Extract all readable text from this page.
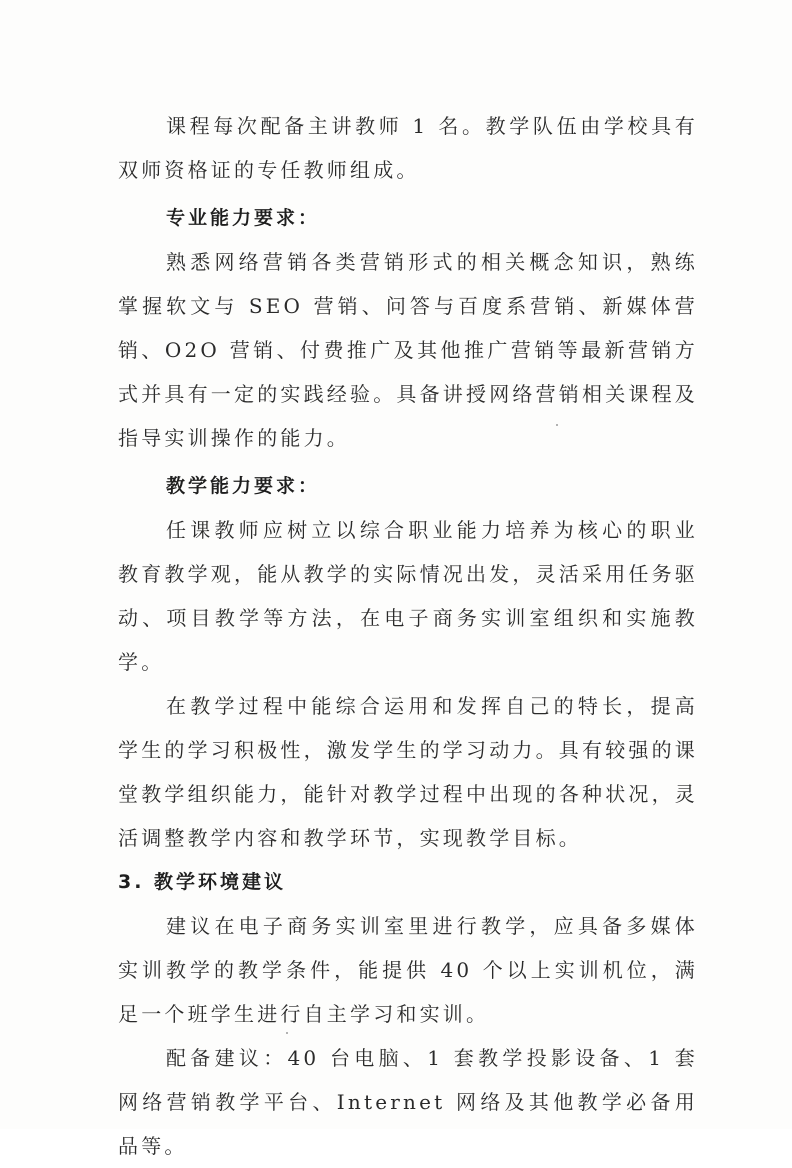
课程每次配备主讲教师 1 名。教学队伍由学校具有双师资格证的专任教师组成。

专业能力要求：

熟悉网络营销各类营销形式的相关概念知识，熟练掌握软文与 SEO 营销、问答与百度系营销、新媒体营销、O2O 营销、付费推广及其他推广营销等最新营销方式并具有一定的实践经验。具备讲授网络营销相关课程及指导实训操作的能力。

教学能力要求：

任课教师应树立以综合职业能力培养为核心的职业教育教学观，能从教学的实际情况出发，灵活采用任务驱动、项目教学等方法，在电子商务实训室组织和实施教学。

在教学过程中能综合运用和发挥自己的特长，提高学生的学习积极性，激发学生的学习动力。具有较强的课堂教学组织能力，能针对教学过程中出现的各种状况，灵活调整教学内容和教学环节，实现教学目标。

3. 教学环境建议

建议在电子商务实训室里进行教学，应具备多媒体实训教学的教学条件，能提供 40 个以上实训机位，满足一个班学生进行自主学习和实训。

配备建议：40 台电脑、1 套教学投影设备、1 套网络营销教学平台、Internet 网络及其他教学必备用品等。
